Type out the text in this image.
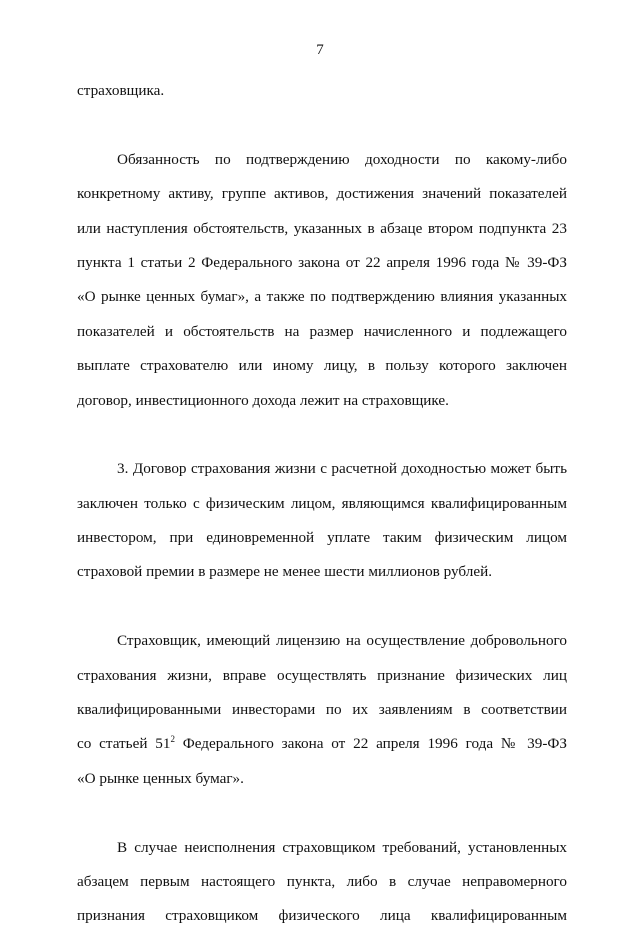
7
страховщика.
Обязанность по подтверждению доходности по какому-либо
конкретному активу, группе активов, достижения значений показателей
или наступления обстоятельств, указанных в абзаце втором подпункта 23
пункта 1 статьи 2 Федерального закона от 22 апреля 1996 года № 39-ФЗ
«О рынке ценных бумаг», а также по подтверждению влияния указанных
показателей и обстоятельств на размер начисленного и подлежащего
выплате страхователю или иному лицу, в пользу которого заключен
договор, инвестиционного дохода лежит на страховщике.
3. Договор страхования жизни с расчетной доходностью может быть
заключен только с физическим лицом, являющимся квалифицированным
инвестором, при единовременной уплате таким физическим лицом
страховой премии в размере не менее шести миллионов рублей.
Страховщик, имеющий лицензию на осуществление добровольного
страхования жизни, вправе осуществлять признание физических лиц
квалифицированными инвесторами по их заявлениям в соответствии
со статьей $51^2$ Федерального закона от 22 апреля 1996 года № 39-ФЗ
«О рынке ценных бумаг».
В случае неисполнения страховщиком требований, установленных
абзацем первым настоящего пункта, либо в случае неправомерного
признания страховщиком физического лица квалифицированным
